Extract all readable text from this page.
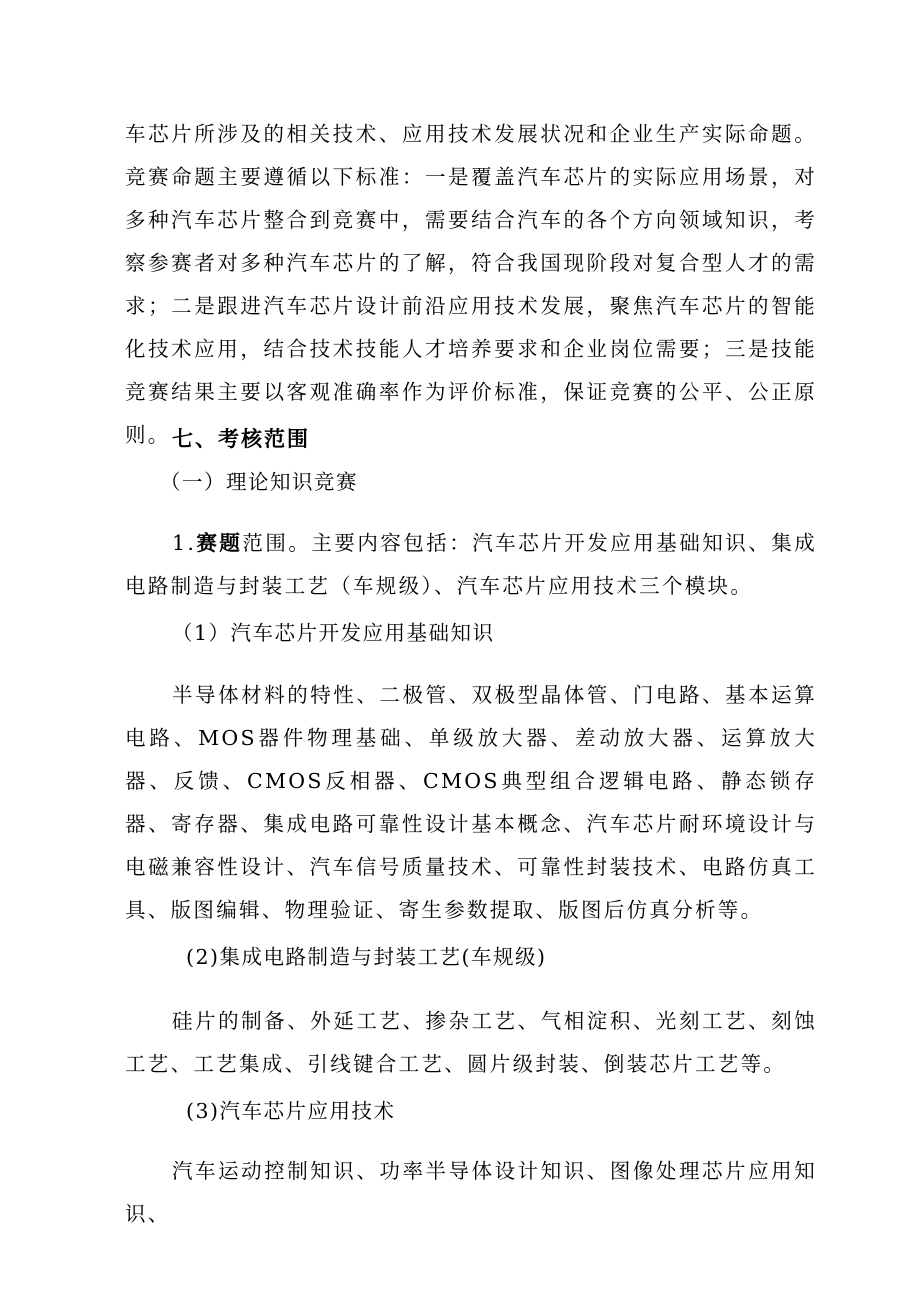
车芯片所涉及的相关技术、应用技术发展状况和企业生产实际命题。竞赛命题主要遵循以下标准：一是覆盖汽车芯片的实际应用场景，对多种汽车芯片整合到竞赛中，需要结合汽车的各个方向领域知识，考察参赛者对多种汽车芯片的了解，符合我国现阶段对复合型人才的需求；二是跟进汽车芯片设计前沿应用技术发展，聚焦汽车芯片的智能化技术应用，结合技术技能人才培养要求和企业岗位需要；三是技能竞赛结果主要以客观准确率作为评价标准，保证竞赛的公平、公正原则。 七、考核范围

（一）理论知识竞赛

1.赛题范围。主要内容包括：汽车芯片开发应用基础知识、集成电路制造与封装工艺（车规级）、汽车芯片应用技术三个模块。

（1）汽车芯片开发应用基础知识

半导体材料的特性、二极管、双极型晶体管、门电路、基本运算电路、MOS器件物理基础、单级放大器、差动放大器、运算放大器、反馈、CMOS反相器、CMOS典型组合逻辑电路、静态锁存器、寄存器、集成电路可靠性设计基本概念、汽车芯片耐环境设计与电磁兼容性设计、汽车信号质量技术、可靠性封装技术、电路仿真工具、版图编辑、物理验证、寄生参数提取、版图后仿真分析等。

(2)集成电路制造与封装工艺(车规级)

硅片的制备、外延工艺、掺杂工艺、气相淀积、光刻工艺、刻蚀工艺、工艺集成、引线键合工艺、圆片级封装、倒装芯片工艺等。

(3)汽车芯片应用技术

汽车运动控制知识、功率半导体设计知识、图像处理芯片应用知识、
